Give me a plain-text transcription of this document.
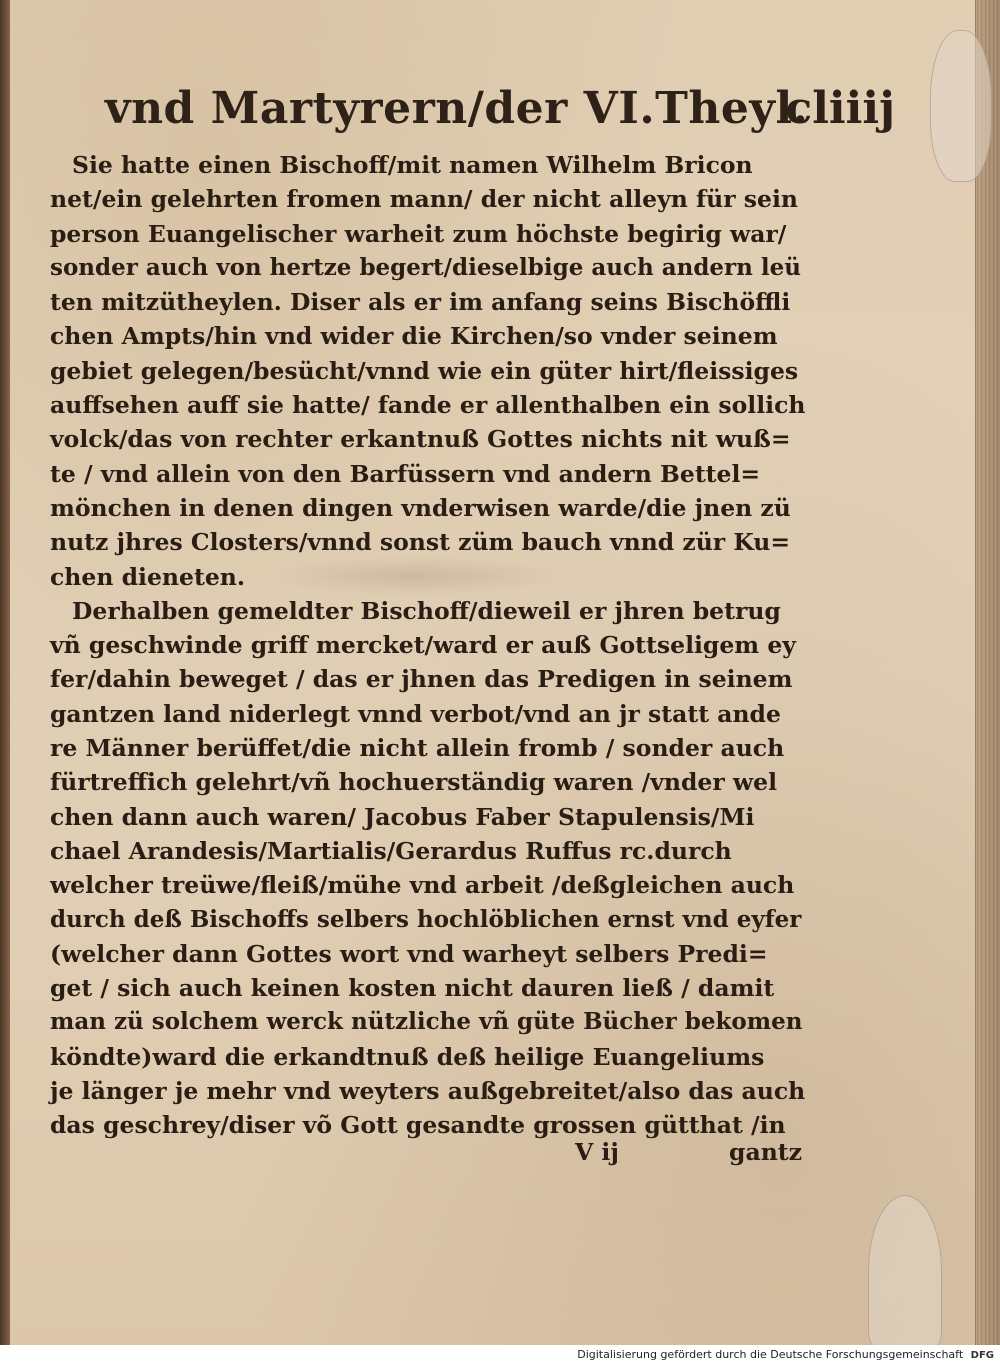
vnd Martyrern/der VI.Theyl.
cliiij
Sie hatte einen Bischoff/mit namen Wilhelm Bricon
net/ein gelehrten fromen mann/ der nicht alleyn für sein
person Euangelischer warheit zum höchste begirig war/
sonder auch von hertze begert/dieselbige auch andern leü
ten mitzütheylen. Diser als er im anfang seins Bischöffli
chen Ampts/hin vnd wider die Kirchen/so vnder seinem
gebiet gelegen/besücht/vnnd wie ein güter hirt/fleissiges
auffsehen auff sie hatte/ fande er allenthalben ein sollich
volck/das von rechter erkantnuß Gottes nichts nit wuß=
te / vnd allein von den Barfüssern vnd andern Bettel=
mönchen in denen dingen vnderwisen warde/die jnen zü
nutz jhres Closters/vnnd sonst züm bauch vnnd zür Ku=
chen dieneten.
Derhalben gemeldter Bischoff/dieweil er jhren betrug
vñ geschwinde griff mercket/ward er auß Gottseligem ey
fer/dahin beweget / das er jhnen das Predigen in seinem
gantzen land niderlegt vnnd verbot/vnd an jr statt ande
re Männer berüffet/die nicht allein fromb / sonder auch
fürtreffich gelehrt/vñ hochuerständig waren /vnder wel
chen dann auch waren/ Jacobus Faber Stapulensis/Mi
chael Arandesis/Martialis/Gerardus Ruffus rc.durch
welcher treüwe/fleiß/mühe vnd arbeit /deßgleichen auch
durch deß Bischoffs selbers hochlöblichen ernst vnd eyfer
(welcher dann Gottes wort vnd warheyt selbers Predi=
get / sich auch keinen kosten nicht dauren ließ / damit
man zü solchem werck nützliche vñ güte Bücher bekomen
köndte)ward die erkandtnuß deß heilige Euangeliums
je länger je mehr vnd weyters außgebreitet/also das auch
das geschrey/diser võ Gott gesandte grossen gütthat /in
V ij	gantz
Digitalisierung gefördert durch die Deutsche Forschungsgemeinschaft DFG
